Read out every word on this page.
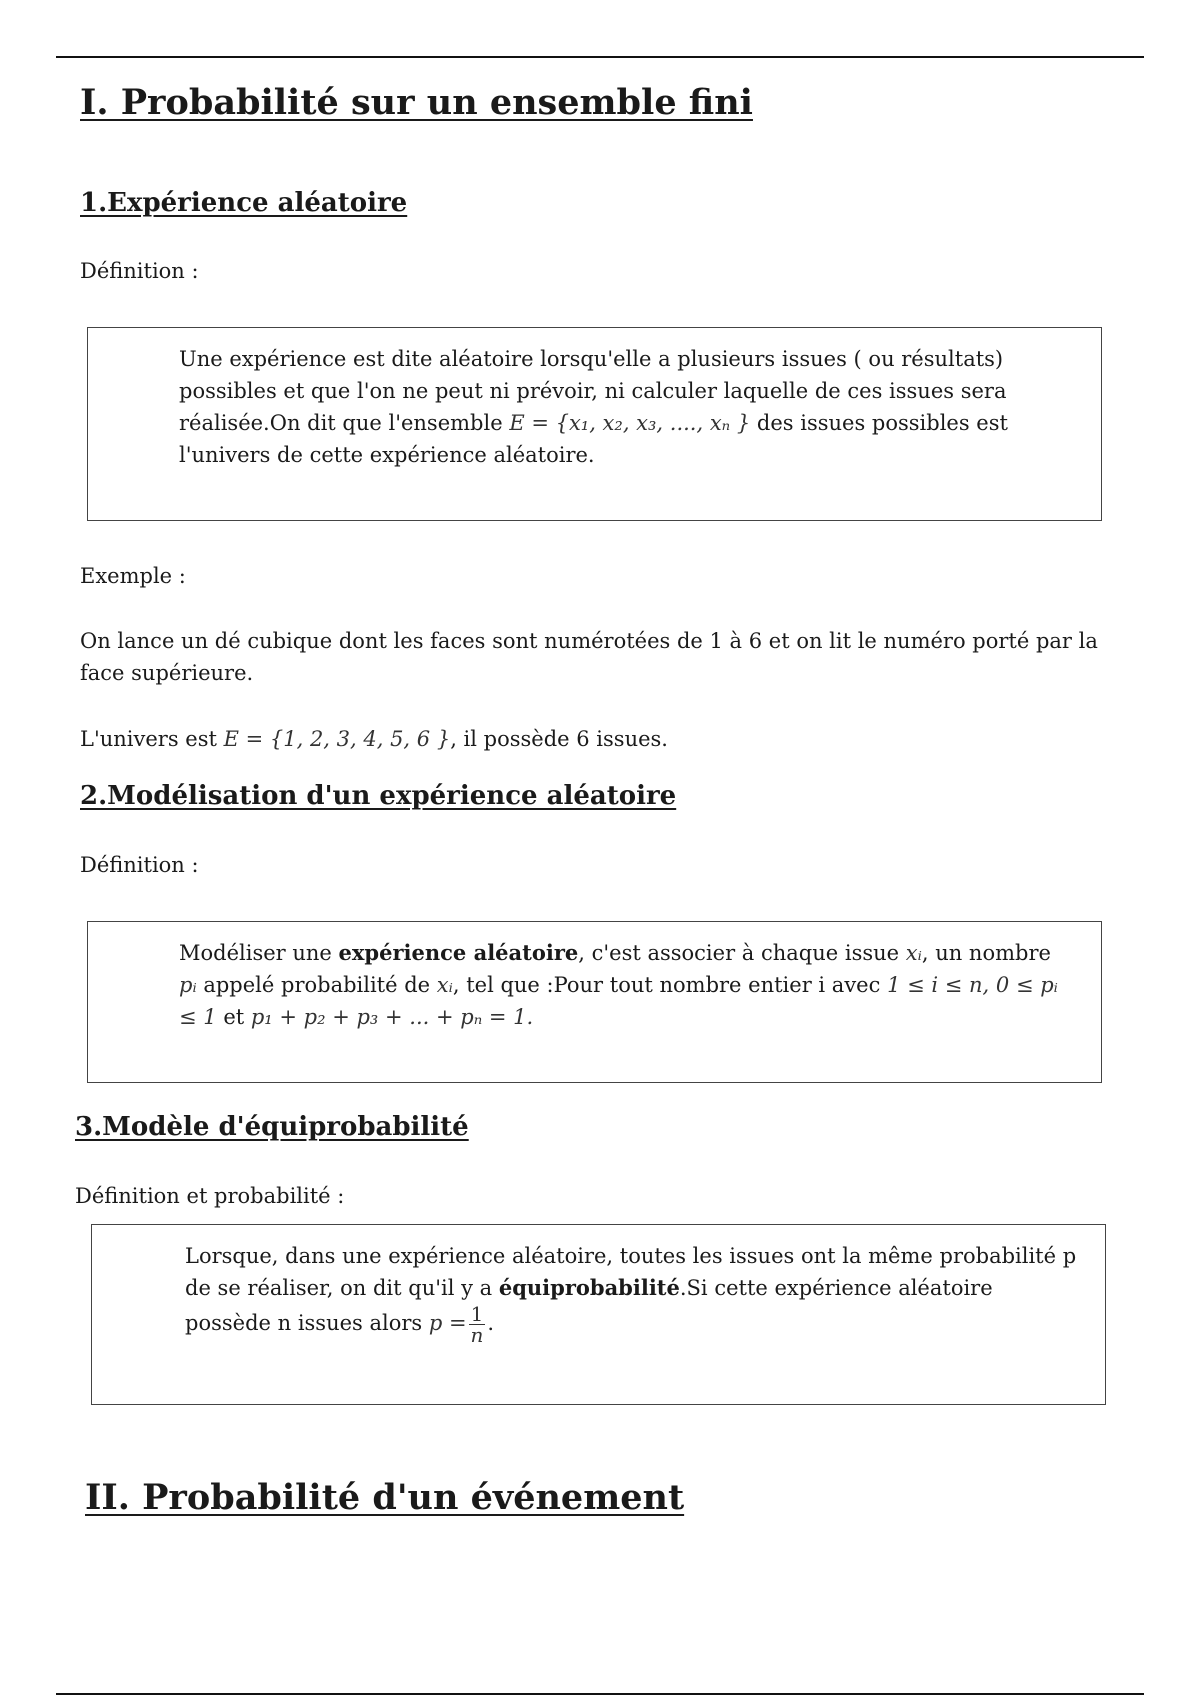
I. Probabilité sur un ensemble fini
1.Expérience aléatoire
Définition :
Une expérience est dite aléatoire lorsqu'elle a plusieurs issues ( ou résultats) possibles et que l'on ne peut ni prévoir, ni calculer laquelle de ces issues sera réalisée.On dit que l'ensemble E = {x₁, x₂, x₃, ...., xₙ } des issues possibles est l'univers de cette expérience aléatoire.
Exemple :
On lance un dé cubique dont les faces sont numérotées de 1 à 6 et on lit le numéro porté par la face supérieure.
L'univers est E = {1, 2, 3, 4, 5, 6 }, il possède 6 issues.
2.Modélisation d'un expérience aléatoire
Définition :
Modéliser une expérience aléatoire, c'est associer à chaque issue xᵢ, un nombre pᵢ appelé probabilité de xᵢ, tel que :Pour tout nombre entier i avec 1 ≤ i ≤ n, 0 ≤ pᵢ ≤ 1 et p₁ + p₂ + p₃ + ... + pₙ = 1.
3.Modèle d'équiprobabilité
Définition et probabilité :
Lorsque, dans une expérience aléatoire, toutes les issues ont la même probabilité p de se réaliser, on dit qu'il y a équiprobabilité.Si cette expérience aléatoire possède n issues alors $p = \frac{1}{n}$ .
II. Probabilité d'un événement
